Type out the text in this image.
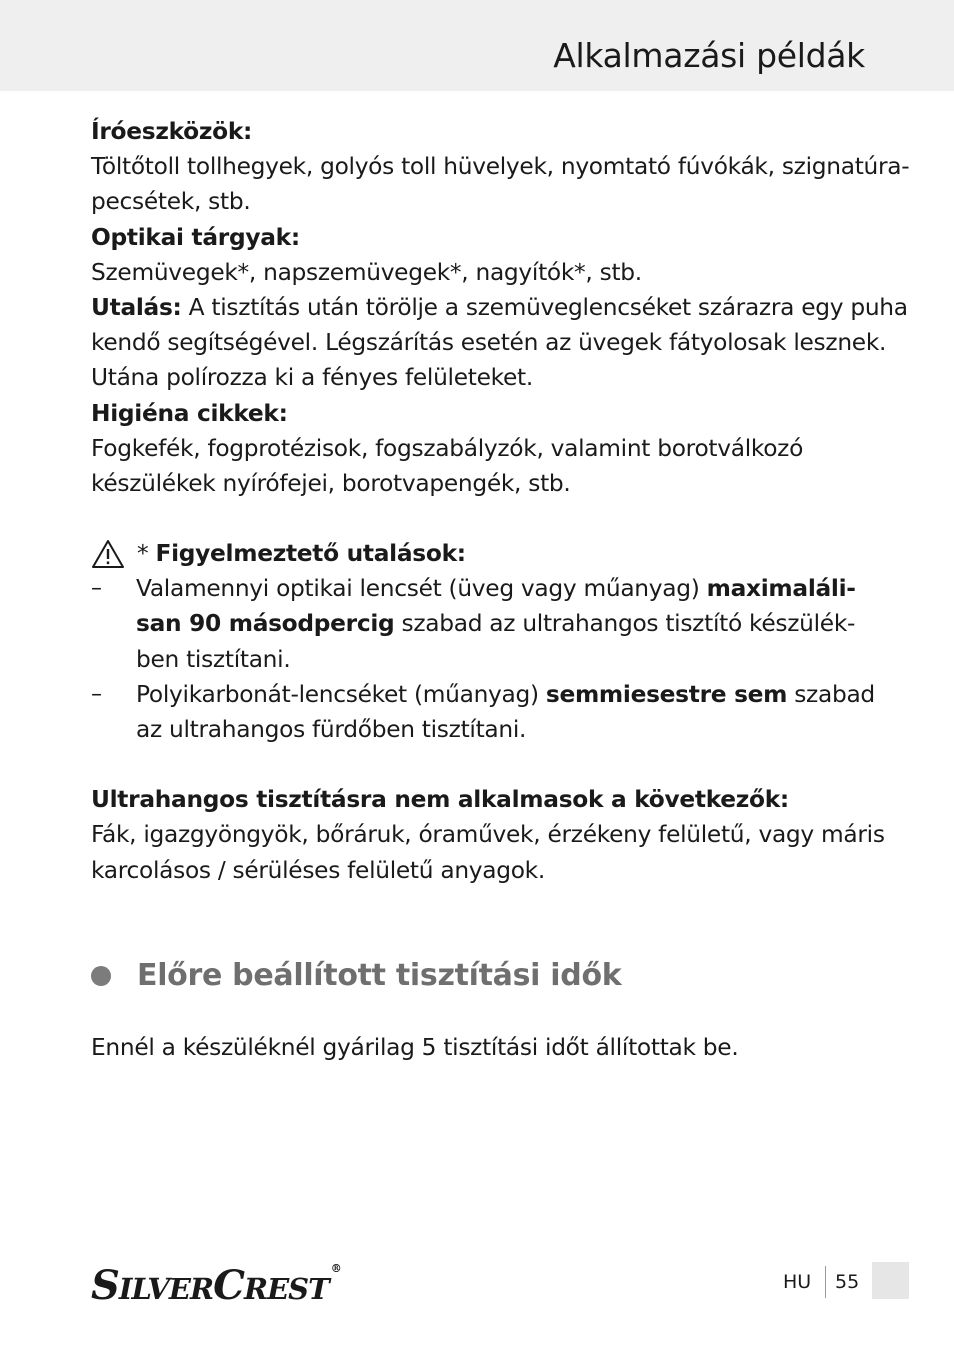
Alkalmazási példák
Íróeszközök:
Töltőtoll tollhegyek, golyós toll hüvelyek, nyomtató fúvókák, szignatúra-
pecsétek, stb.
Optikai tárgyak:
Szemüvegek*, napszemüvegek*, nagyítók*, stb.
Utalás: A tisztítás után törölje a szemüveglencséket szárazra egy puha
kendő segítségével. Légszárítás esetén az üvegek fátyolosak lesznek.
Utána polírozza ki a fényes felületeket.
Higiéna cikkek:
Fogkefék, fogprotézisok, fogszabályzók, valamint borotválkozó
készülékek nyírófejei, borotvapengék, stb.
* Figyelmeztető utalások:
–	Valamennyi optikai lencsét (üveg vagy műanyag) maximaláli-
san 90 másodpercig szabad az ultrahangos tisztító készülék-
ben tisztítani.
–	Polyikarbonát-lencséket (műanyag) semmiesestre sem szabad
az ultrahangos fürdőben tisztítani.
Ultrahangos tisztításra nem alkalmasok a következők:
Fák, igazgyöngyök, bőráruk, óraművek, érzékeny felületű, vagy máris
karcolásos / sérüléses felületű anyagok.
Előre beállított tisztítási idők
Ennél a készüléknél gyárilag 5 tisztítási időt állítottak be.
SILVERCREST®
HU 55
